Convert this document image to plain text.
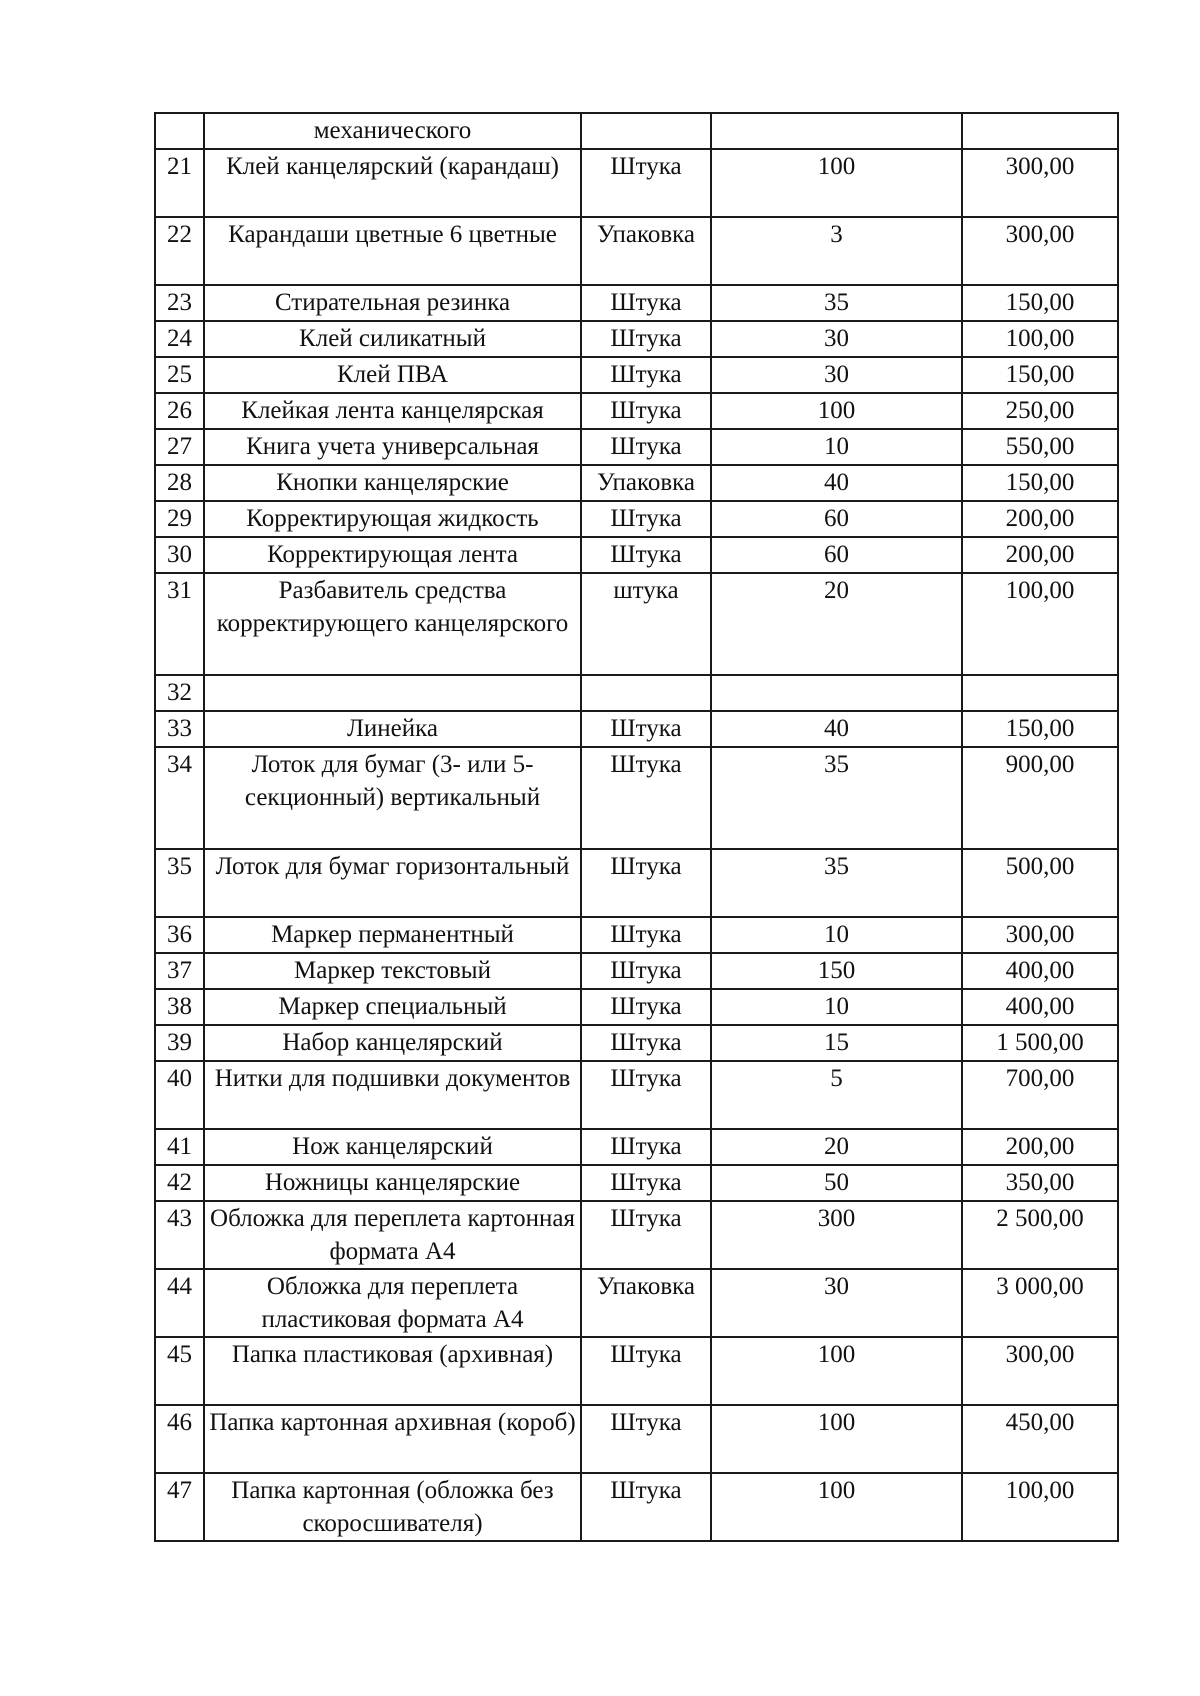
	механического			
21	Клей канцелярский (карандаш)	Штука	100	300,00
22	Карандаши цветные 6 цветные	Упаковка	3	300,00
23	Стирательная резинка	Штука	35	150,00
24	Клей силикатный	Штука	30	100,00
25	Клей ПВА	Штука	30	150,00
26	Клейкая лента канцелярская	Штука	100	250,00
27	Книга учета универсальная	Штука	10	550,00
28	Кнопки канцелярские	Упаковка	40	150,00
29	Корректирующая жидкость	Штука	60	200,00
30	Корректирующая лента	Штука	60	200,00
31	Разбавитель средства корректирующего канцелярского	штука	20	100,00
32				
33	Линейка	Штука	40	150,00
34	Лоток для бумаг (3- или 5-секционный) вертикальный	Штука	35	900,00
35	Лоток для бумаг горизонтальный	Штука	35	500,00
36	Маркер перманентный	Штука	10	300,00
37	Маркер текстовый	Штука	150	400,00
38	Маркер специальный	Штука	10	400,00
39	Набор канцелярский	Штука	15	1 500,00
40	Нитки для подшивки документов	Штука	5	700,00
41	Нож канцелярский	Штука	20	200,00
42	Ножницы канцелярские	Штука	50	350,00
43	Обложка для переплета картонная формата А4	Штука	300	2 500,00
44	Обложка для переплета пластиковая формата А4	Упаковка	30	3 000,00
45	Папка пластиковая (архивная)	Штука	100	300,00
46	Папка картонная архивная (короб)	Штука	100	450,00
47	Папка картонная (обложка без скоросшивателя)	Штука	100	100,00
